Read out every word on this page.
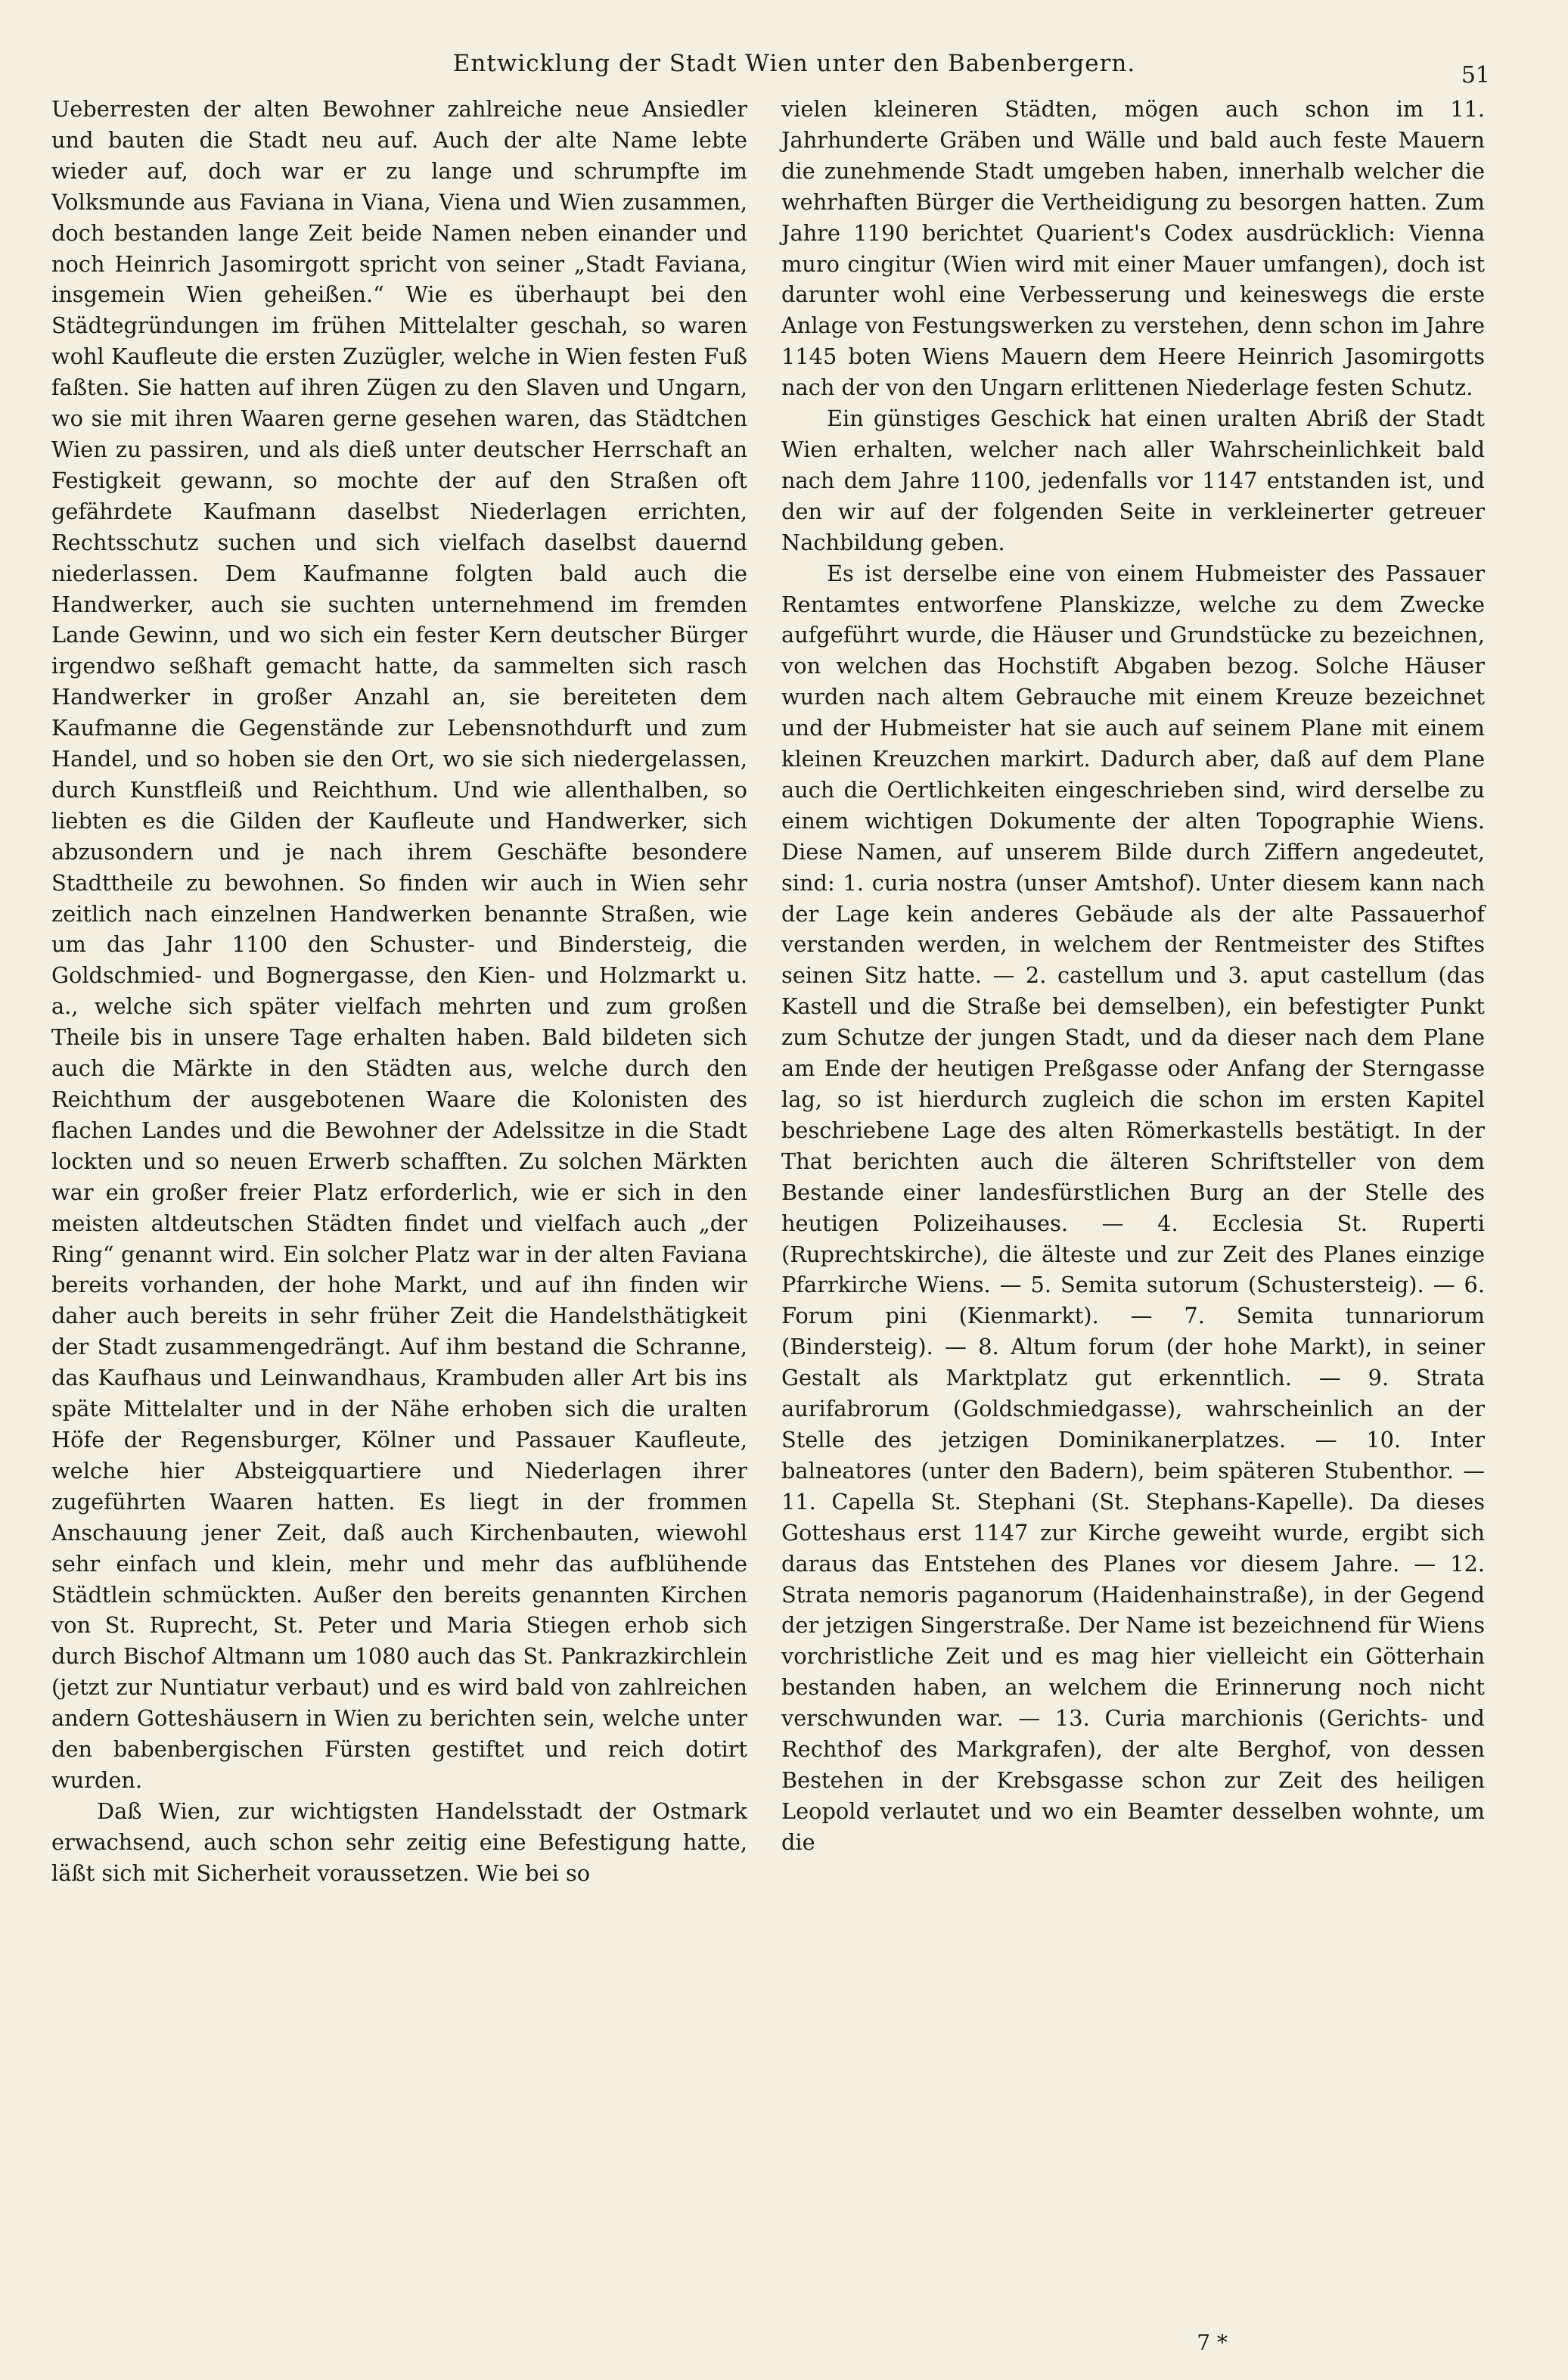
Entwicklung der Stadt Wien unter den Babenbergern.	51

Ueberresten der alten Bewohner zahlreiche neue Ansiedler und bauten die Stadt neu auf. Auch der alte Name lebte wieder auf, doch war er zu lange und schrumpfte im Volksmunde aus Faviana in Viana, Viena und Wien zusammen, doch bestanden lange Zeit beide Namen neben einander und noch Heinrich Jasomirgott spricht von seiner „Stadt Faviana, insgemein Wien geheißen.“ Wie es überhaupt bei den Städtegründungen im frühen Mittelalter geschah, so waren wohl Kaufleute die ersten Zuzügler, welche in Wien festen Fuß faßten. Sie hatten auf ihren Zügen zu den Slaven und Ungarn, wo sie mit ihren Waaren gerne gesehen waren, das Städtchen Wien zu passiren, und als dieß unter deutscher Herrschaft an Festigkeit gewann, so mochte der auf den Straßen oft gefährdete Kaufmann daselbst Niederlagen errichten, Rechtsschutz suchen und sich vielfach daselbst dauernd niederlassen. Dem Kaufmanne folgten bald auch die Handwerker, auch sie suchten unternehmend im fremden Lande Gewinn, und wo sich ein fester Kern deutscher Bürger irgendwo seßhaft gemacht hatte, da sammelten sich rasch Handwerker in großer Anzahl an, sie bereiteten dem Kaufmanne die Gegenstände zur Lebensnothdurft und zum Handel, und so hoben sie den Ort, wo sie sich niedergelassen, durch Kunstfleiß und Reichthum. Und wie allenthalben, so liebten es die Gilden der Kaufleute und Handwerker, sich abzusondern und je nach ihrem Geschäfte besondere Stadttheile zu bewohnen. So finden wir auch in Wien sehr zeitlich nach einzelnen Handwerken benannte Straßen, wie um das Jahr 1100 den Schuster- und Bindersteig, die Goldschmied- und Bognergasse, den Kien- und Holzmarkt u. a., welche sich später vielfach mehrten und zum großen Theile bis in unsere Tage erhalten haben. Bald bildeten sich auch die Märkte in den Städten aus, welche durch den Reichthum der ausgebotenen Waare die Kolonisten des flachen Landes und die Bewohner der Adelssitze in die Stadt lockten und so neuen Erwerb schafften. Zu solchen Märkten war ein großer freier Platz erforderlich, wie er sich in den meisten altdeutschen Städten findet und vielfach auch „der Ring“ genannt wird. Ein solcher Platz war in der alten Faviana bereits vorhanden, der hohe Markt, und auf ihn finden wir daher auch bereits in sehr früher Zeit die Handelsthätigkeit der Stadt zusammengedrängt. Auf ihm bestand die Schranne, das Kaufhaus und Leinwandhaus, Krambuden aller Art bis ins späte Mittelalter und in der Nähe erhoben sich die uralten Höfe der Regensburger, Kölner und Passauer Kaufleute, welche hier Absteigquartiere und Niederlagen ihrer zugeführten Waaren hatten. Es liegt in der frommen Anschauung jener Zeit, daß auch Kirchenbauten, wiewohl sehr einfach und klein, mehr und mehr das aufblühende Städtlein schmückten. Außer den bereits genannten Kirchen von St. Ruprecht, St. Peter und Maria Stiegen erhob sich durch Bischof Altmann um 1080 auch das St. Pankrazkirchlein (jetzt zur Nuntiatur verbaut) und es wird bald von zahlreichen andern Gotteshäusern in Wien zu berichten sein, welche unter den babenbergischen Fürsten gestiftet und reich dotirt wurden.

Daß Wien, zur wichtigsten Handelsstadt der Ostmark erwachsend, auch schon sehr zeitig eine Befestigung hatte, läßt sich mit Sicherheit voraussetzen. Wie bei so

vielen kleineren Städten, mögen auch schon im 11. Jahrhunderte Gräben und Wälle und bald auch feste Mauern die zunehmende Stadt umgeben haben, innerhalb welcher die wehrhaften Bürger die Vertheidigung zu besorgen hatten. Zum Jahre 1190 berichtet Quarient's Codex ausdrücklich: Vienna muro cingitur (Wien wird mit einer Mauer umfangen), doch ist darunter wohl eine Verbesserung und keineswegs die erste Anlage von Festungswerken zu verstehen, denn schon im Jahre 1145 boten Wiens Mauern dem Heere Heinrich Jasomirgotts nach der von den Ungarn erlittenen Niederlage festen Schutz.

Ein günstiges Geschick hat einen uralten Abriß der Stadt Wien erhalten, welcher nach aller Wahrscheinlichkeit bald nach dem Jahre 1100, jedenfalls vor 1147 entstanden ist, und den wir auf der folgenden Seite in verkleinerter getreuer Nachbildung geben.

Es ist derselbe eine von einem Hubmeister des Passauer Rentamtes entworfene Planskizze, welche zu dem Zwecke aufgeführt wurde, die Häuser und Grundstücke zu bezeichnen, von welchen das Hochstift Abgaben bezog. Solche Häuser wurden nach altem Gebrauche mit einem Kreuze bezeichnet und der Hubmeister hat sie auch auf seinem Plane mit einem kleinen Kreuzchen markirt. Dadurch aber, daß auf dem Plane auch die Oertlichkeiten eingeschrieben sind, wird derselbe zu einem wichtigen Dokumente der alten Topographie Wiens. Diese Namen, auf unserem Bilde durch Ziffern angedeutet, sind: 1. curia nostra (unser Amtshof). Unter diesem kann nach der Lage kein anderes Gebäude als der alte Passauerhof verstanden werden, in welchem der Rentmeister des Stiftes seinen Sitz hatte. — 2. castellum und 3. aput castellum (das Kastell und die Straße bei demselben), ein befestigter Punkt zum Schutze der jungen Stadt, und da dieser nach dem Plane am Ende der heutigen Preßgasse oder Anfang der Sterngasse lag, so ist hierdurch zugleich die schon im ersten Kapitel beschriebene Lage des alten Römerkastells bestätigt. In der That berichten auch die älteren Schriftsteller von dem Bestande einer landesfürstlichen Burg an der Stelle des heutigen Polizeihauses. — 4. Ecclesia St. Ruperti (Ruprechtskirche), die älteste und zur Zeit des Planes einzige Pfarrkirche Wiens. — 5. Semita sutorum (Schustersteig). — 6. Forum pini (Kienmarkt). — 7. Semita tunnariorum (Bindersteig). — 8. Altum forum (der hohe Markt), in seiner Gestalt als Marktplatz gut erkenntlich. — 9. Strata aurifabrorum (Goldschmiedgasse), wahrscheinlich an der Stelle des jetzigen Dominikanerplatzes. — 10. Inter balneatores (unter den Badern), beim späteren Stubenthor. — 11. Capella St. Stephani (St. Stephans-Kapelle). Da dieses Gotteshaus erst 1147 zur Kirche geweiht wurde, ergibt sich daraus das Entstehen des Planes vor diesem Jahre. — 12. Strata nemoris paganorum (Haidenhainstraße), in der Gegend der jetzigen Singerstraße. Der Name ist bezeichnend für Wiens vorchristliche Zeit und es mag hier vielleicht ein Götterhain bestanden haben, an welchem die Erinnerung noch nicht verschwunden war. — 13. Curia marchionis (Gerichts- und Rechthof des Markgrafen), der alte Berghof, von dessen Bestehen in der Krebsgasse schon zur Zeit des heiligen Leopold verlautet und wo ein Beamter desselben wohnte, um die

7 *
